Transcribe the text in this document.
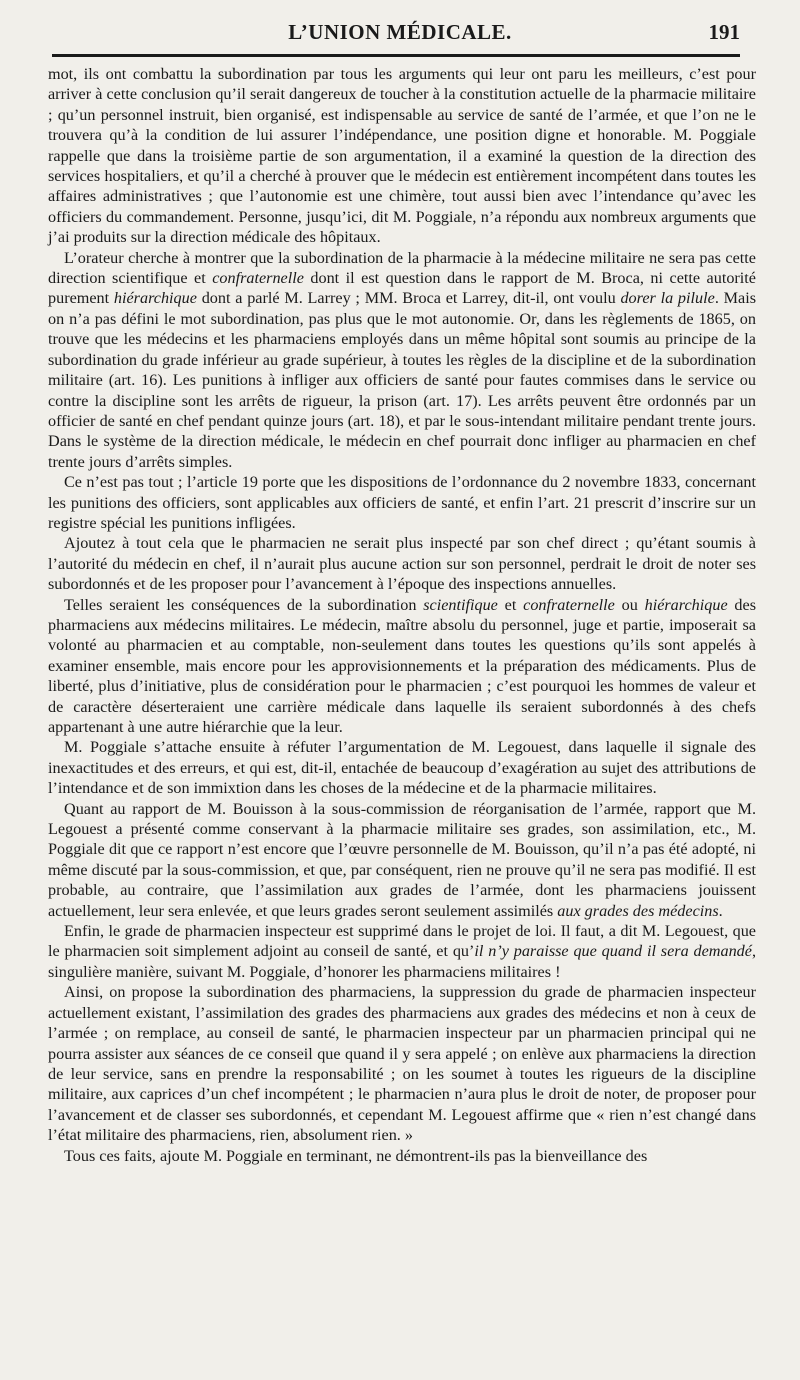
L’UNION MÉDICALE.	191

mot, ils ont combattu la subordination par tous les arguments qui leur ont paru les meilleurs, c’est pour arriver à cette conclusion qu’il serait dangereux de toucher à la constitution actuelle de la pharmacie militaire ; qu’un personnel instruit, bien organisé, est indispensable au service de santé de l’armée, et que l’on ne le trouvera qu’à la condition de lui assurer l’indépendance, une position digne et honorable. M. Poggiale rappelle que dans la troisième partie de son argumentation, il a examiné la question de la direction des services hospitaliers, et qu’il a cherché à prouver que le médecin est entièrement incompétent dans toutes les affaires administratives ; que l’autonomie est une chimère, tout aussi bien avec l’intendance qu’avec les officiers du commandement. Personne, jusqu’ici, dit M. Poggiale, n’a répondu aux nombreux arguments que j’ai produits sur la direction médicale des hôpitaux.

L’orateur cherche à montrer que la subordination de la pharmacie à la médecine militaire ne sera pas cette direction scientifique et confraternelle dont il est question dans le rapport de M. Broca, ni cette autorité purement hiérarchique dont a parlé M. Larrey ; MM. Broca et Larrey, dit-il, ont voulu dorer la pilule. Mais on n’a pas défini le mot subordination, pas plus que le mot autonomie. Or, dans les règlements de 1865, on trouve que les médecins et les pharmaciens employés dans un même hôpital sont soumis au principe de la subordination du grade inférieur au grade supérieur, à toutes les règles de la discipline et de la subordination militaire (art. 16). Les punitions à infliger aux officiers de santé pour fautes commises dans le service ou contre la discipline sont les arrêts de rigueur, la prison (art. 17). Les arrêts peuvent être ordonnés par un officier de santé en chef pendant quinze jours (art. 18), et par le sous-intendant militaire pendant trente jours. Dans le système de la direction médicale, le médecin en chef pourrait donc infliger au pharmacien en chef trente jours d’arrêts simples.

Ce n’est pas tout ; l’article 19 porte que les dispositions de l’ordonnance du 2 novembre 1833, concernant les punitions des officiers, sont applicables aux officiers de santé, et enfin l’art. 21 prescrit d’inscrire sur un registre spécial les punitions infligées.

Ajoutez à tout cela que le pharmacien ne serait plus inspecté par son chef direct ; qu’étant soumis à l’autorité du médecin en chef, il n’aurait plus aucune action sur son personnel, perdrait le droit de noter ses subordonnés et de les proposer pour l’avancement à l’époque des inspections annuelles.

Telles seraient les conséquences de la subordination scientifique et confraternelle ou hiérarchique des pharmaciens aux médecins militaires. Le médecin, maître absolu du personnel, juge et partie, imposerait sa volonté au pharmacien et au comptable, non-seulement dans toutes les questions qu’ils sont appelés à examiner ensemble, mais encore pour les approvisionnements et la préparation des médicaments. Plus de liberté, plus d’initiative, plus de considération pour le pharmacien ; c’est pourquoi les hommes de valeur et de caractère déserteraient une carrière médicale dans laquelle ils seraient subordonnés à des chefs appartenant à une autre hiérarchie que la leur.

M. Poggiale s’attache ensuite à réfuter l’argumentation de M. Legouest, dans laquelle il signale des inexactitudes et des erreurs, et qui est, dit-il, entachée de beaucoup d’exagération au sujet des attributions de l’intendance et de son immixtion dans les choses de la médecine et de la pharmacie militaires.

Quant au rapport de M. Bouisson à la sous-commission de réorganisation de l’armée, rapport que M. Legouest a présenté comme conservant à la pharmacie militaire ses grades, son assimilation, etc., M. Poggiale dit que ce rapport n’est encore que l’œuvre personnelle de M. Bouisson, qu’il n’a pas été adopté, ni même discuté par la sous-commission, et que, par conséquent, rien ne prouve qu’il ne sera pas modifié. Il est probable, au contraire, que l’assimilation aux grades de l’armée, dont les pharmaciens jouissent actuellement, leur sera enlevée, et que leurs grades seront seulement assimilés aux grades des médecins.

Enfin, le grade de pharmacien inspecteur est supprimé dans le projet de loi. Il faut, a dit M. Legouest, que le pharmacien soit simplement adjoint au conseil de santé, et qu’il n’y paraisse que quand il sera demandé, singulière manière, suivant M. Poggiale, d’honorer les pharmaciens militaires !

Ainsi, on propose la subordination des pharmaciens, la suppression du grade de pharmacien inspecteur actuellement existant, l’assimilation des grades des pharmaciens aux grades des médecins et non à ceux de l’armée ; on remplace, au conseil de santé, le pharmacien inspecteur par un pharmacien principal qui ne pourra assister aux séances de ce conseil que quand il y sera appelé ; on enlève aux pharmaciens la direction de leur service, sans en prendre la responsabilité ; on les soumet à toutes les rigueurs de la discipline militaire, aux caprices d’un chef incompétent ; le pharmacien n’aura plus le droit de noter, de proposer pour l’avancement et de classer ses subordonnés, et cependant M. Legouest affirme que « rien n’est changé dans l’état militaire des pharmaciens, rien, absolument rien. »

Tous ces faits, ajoute M. Poggiale en terminant, ne démontrent-ils pas la bienveillance des
